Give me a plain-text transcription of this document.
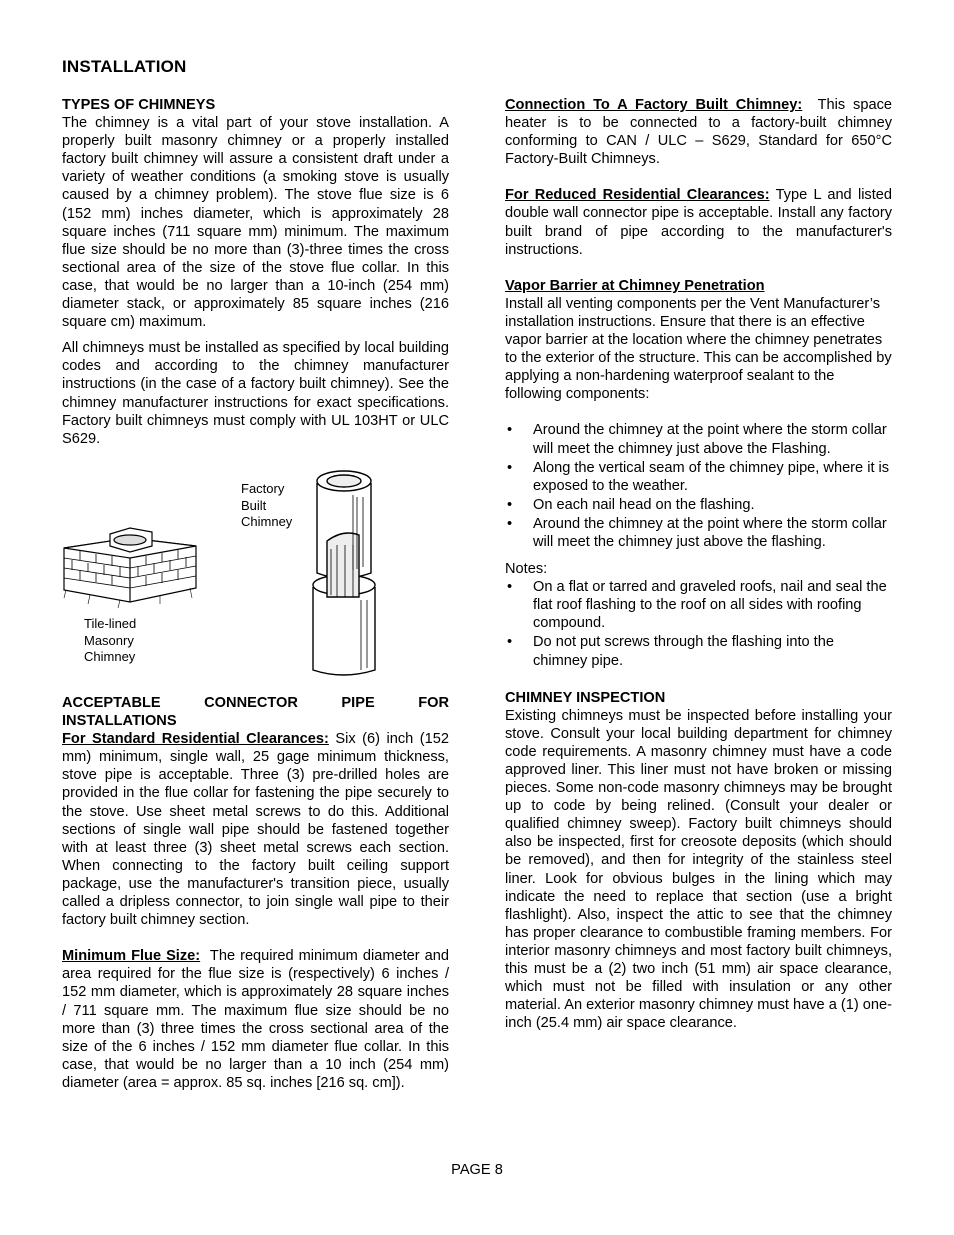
INSTALLATION

TYPES OF CHIMNEYS

The chimney is a vital part of your stove installation. A properly built masonry chimney or a properly installed factory built chimney will assure a consistent draft under a variety of weather conditions (a smoking stove is usually caused by a chimney problem). The stove flue size is 6 (152 mm) inches diameter, which is approximately 28 square inches (711 square mm) minimum. The maximum flue size should be no more than (3)-three times the cross sectional area of the size of the stove flue collar. In this case, that would be no larger than a 10-inch (254 mm) diameter stack, or approximately 85 square inches (216 square cm) maximum.

All chimneys must be installed as specified by local building codes and according to the chimney manufacturer instructions (in the case of a factory built chimney). See the chimney manufacturer instructions for exact specifications. Factory built chimneys must comply with UL 103HT or ULC S629.

Factory
Built
Chimney
Tile-lined
Masonry
Chimney

ACCEPTABLE CONNECTOR PIPE FOR INSTALLATIONS

For Standard Residential Clearances: Six (6) inch (152 mm) minimum, single wall, 25 gage minimum thickness, stove pipe is acceptable. Three (3) pre-drilled holes are provided in the flue collar for fastening the pipe securely to the stove. Use sheet metal screws to do this. Additional sections of single wall pipe should be fastened together with at least three (3) sheet metal screws each section. When connecting to the factory built ceiling support package, use the manufacturer's transition piece, usually called a dripless connector, to join single wall pipe to their factory built chimney section.

Minimum Flue Size: The required minimum diameter and area required for the flue size is (respectively) 6 inches / 152 mm diameter, which is approximately 28 square inches / 711 square mm. The maximum flue size should be no more than (3) three times the cross sectional area of the size of the 6 inches / 152 mm diameter flue collar. In this case, that would be no larger than a 10 inch (254 mm) diameter (area = approx. 85 sq. inches [216 sq. cm]).

Connection To A Factory Built Chimney: This space heater is to be connected to a factory-built chimney conforming to CAN / ULC – S629, Standard for 650°C Factory-Built Chimneys.

For Reduced Residential Clearances: Type L and listed double wall connector pipe is acceptable. Install any factory built brand of pipe according to the manufacturer's instructions.

Vapor Barrier at Chimney Penetration

Install all venting components per the Vent Manufacturer’s installation instructions. Ensure that there is an effective vapor barrier at the location where the chimney penetrates to the exterior of the structure. This can be accomplished by applying a non-hardening waterproof sealant to the following components:

• Around the chimney at the point where the storm collar will meet the chimney just above the Flashing.
• Along the vertical seam of the chimney pipe, where it is exposed to the weather.
• On each nail head on the flashing.
• Around the chimney at the point where the storm collar will meet the chimney just above the flashing.

Notes:

• On a flat or tarred and graveled roofs, nail and seal the flat roof flashing to the roof on all sides with roofing compound.
• Do not put screws through the flashing into the chimney pipe.

CHIMNEY INSPECTION

Existing chimneys must be inspected before installing your stove. Consult your local building department for chimney code requirements. A masonry chimney must have a code approved liner. This liner must not have broken or missing pieces. Some non-code masonry chimneys may be brought up to code by being relined. (Consult your dealer or qualified chimney sweep). Factory built chimneys should also be inspected, first for creosote deposits (which should be removed), and then for integrity of the stainless steel liner. Look for obvious bulges in the lining which may indicate the need to replace that section (use a bright flashlight). Also, inspect the attic to see that the chimney has proper clearance to combustible framing members. For interior masonry chimneys and most factory built chimneys, this must be a (2) two inch (51 mm) air space clearance, which must not be filled with insulation or any other material. An exterior masonry chimney must have a (1) one-inch (25.4 mm) air space clearance.

PAGE 8
